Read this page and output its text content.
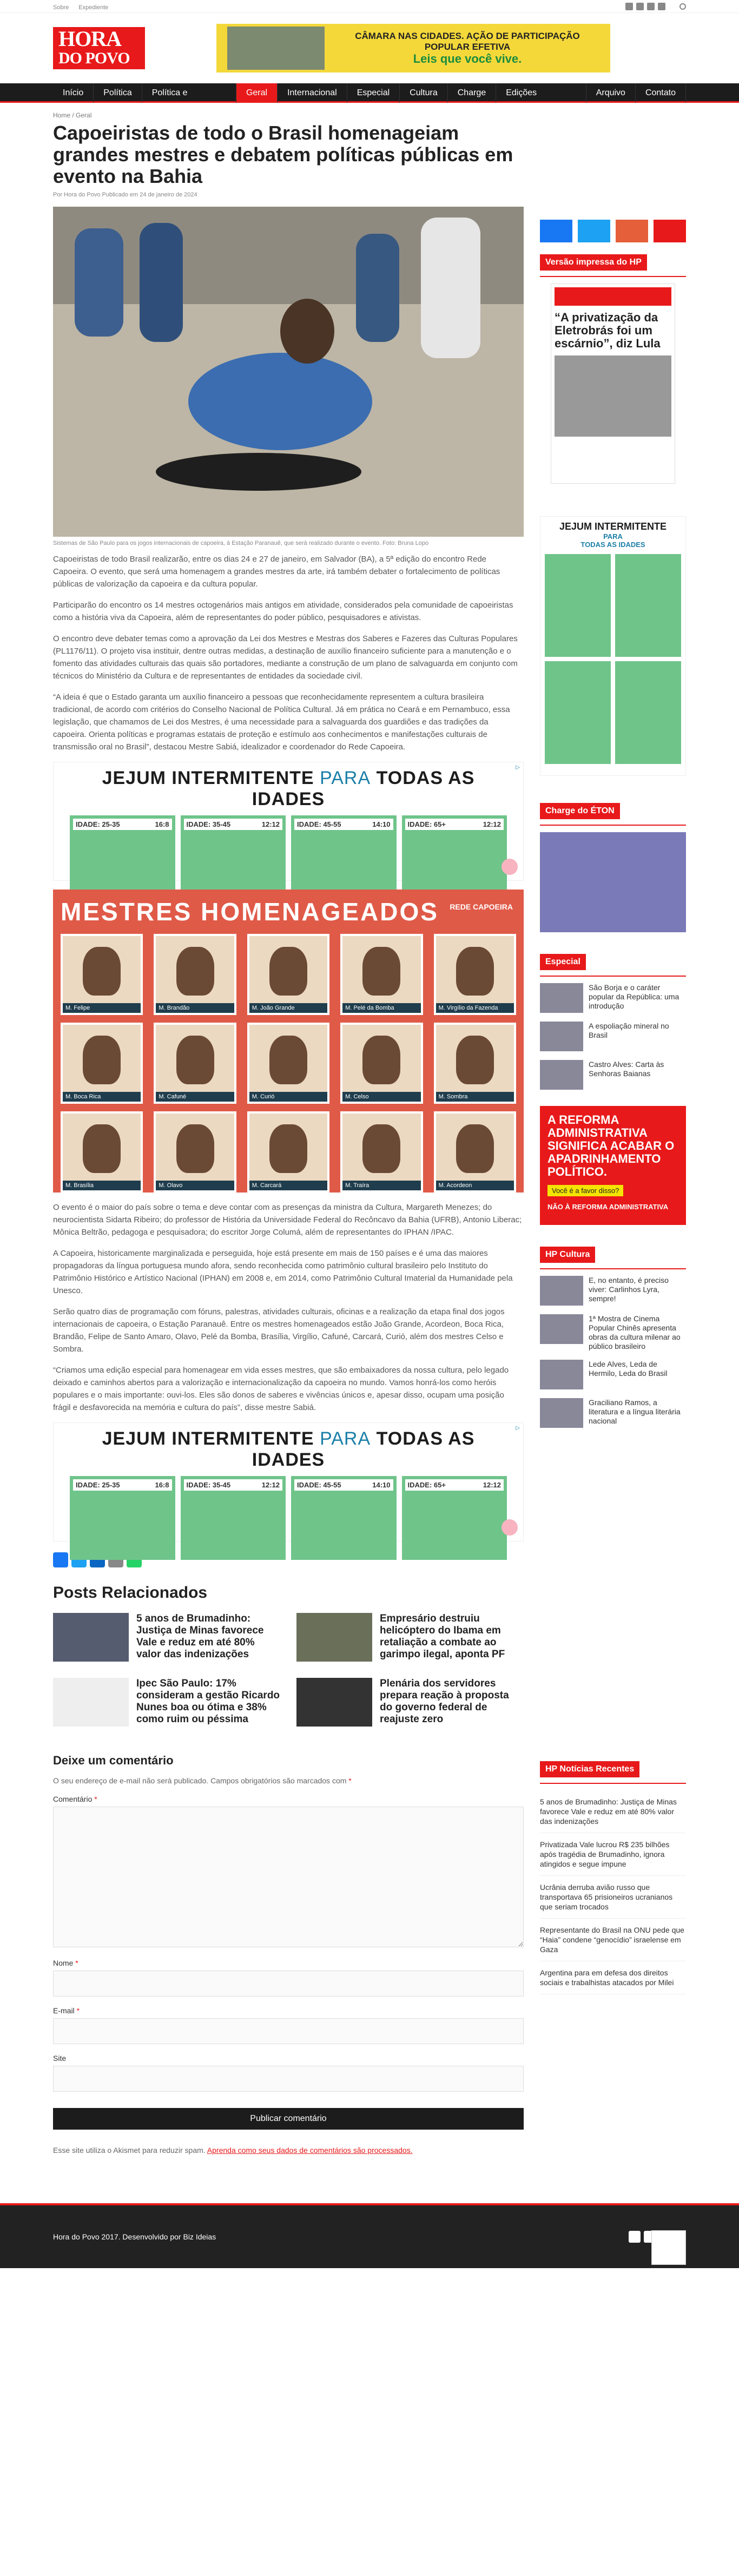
Sobre Expediente
HORA
DO POVO
CÂMARA NAS CIDADES. AÇÃO DE PARTICIPAÇÃO POPULAR EFETIVA
Leis que você vive.
Início	Política	Política e Economia
Geral	Internacional	Especial	Cultura	Charge	Edições Anteriores
Arquivo	Contato
Home / Geral
Capoeiristas de todo o Brasil homenageiam grandes mestres e debatem políticas públicas em evento na Bahia
Por Hora do Povo Publicado em 24 de janeiro de 2024
Sistemas de São Paulo para os jogos internacionais de capoeira, à Estação Paranauê, que será realizado durante o evento. Foto: Bruna Lopo

Capoeiristas de todo Brasil realizarão, entre os dias 24 e 27 de janeiro, em Salvador (BA), a 5ª edição do encontro Rede Capoeira. O evento, que será uma homenagem a grandes mestres da arte, irá também debater o fortalecimento de políticas públicas de valorização da capoeira e da cultura popular.

Participarão do encontro os 14 mestres octogenários mais antigos em atividade, considerados pela comunidade de capoeiristas como a história viva da Capoeira, além de representantes do poder público, pesquisadores e ativistas.

O encontro deve debater temas como a aprovação da Lei dos Mestres e Mestras dos Saberes e Fazeres das Culturas Populares (PL1176/11). O projeto visa instituir, dentre outras medidas, a destinação de auxílio financeiro suficiente para a manutenção e o fomento das atividades culturais das quais são portadores, mediante a construção de um plano de salvaguarda em conjunto com técnicos do Ministério da Cultura e de representantes de entidades da sociedade civil.

“A ideia é que o Estado garanta um auxílio financeiro a pessoas que reconhecidamente representem a cultura brasileira tradicional, de acordo com critérios do Conselho Nacional de Política Cultural. Já em prática no Ceará e em Pernambuco, essa legislação, que chamamos de Lei dos Mestres, é uma necessidade para a salvaguarda dos guardiões e das tradições da capoeira. Orienta políticas e programas estatais de proteção e estímulo aos conhecimentos e manifestações culturais de transmissão oral no Brasil”, destacou Mestre Sabiá, idealizador e coordenador do Rede Capoeira.

▷
JEJUM INTERMITENTE PARA TODAS AS IDADES
IDADE: 25-35	16:8 IDADE: 35-45	12:12 IDADE: 45-55	14:10 IDADE: 65+	12:12
MESTRES HOMENAGEADOS	REDE CAPOEIRA
M. Felipe	M. Brandão	M. João Grande	M. Pelé da Bomba	M. Virgílio da Fazenda
M. Boca Rica	M. Cafuné	M. Curió	M. Celso	M. Sombra
M. Brasília	M. Olavo	M. Carcará	M. Traíra	M. Acordeon

O evento é o maior do país sobre o tema e deve contar com as presenças da ministra da Cultura, Margareth Menezes; do neurocientista Sidarta Ribeiro; do professor de História da Universidade Federal do Recôncavo da Bahia (UFRB), Antonio Liberac; Mônica Beltrão, pedagoga e pesquisadora; do escritor Jorge Columá, além de representantes do IPHAN /IPAC.

A Capoeira, historicamente marginalizada e perseguida, hoje está presente em mais de 150 países e é uma das maiores propagadoras da língua portuguesa mundo afora, sendo reconhecida como patrimônio cultural brasileiro pelo Instituto do Patrimônio Histórico e Artístico Nacional (IPHAN) em 2008 e, em 2014, como Patrimônio Cultural Imaterial da Humanidade pela Unesco.

Serão quatro dias de programação com fóruns, palestras, atividades culturais, oficinas e a realização da etapa final dos jogos internacionais de capoeira, o Estação Paranauê. Entre os mestres homenageados estão João Grande, Acordeon, Boca Rica, Brandão, Felipe de Santo Amaro, Olavo, Pelé da Bomba, Brasília, Virgílio, Cafuné, Carcará, Curió, além dos mestres Celso e Sombra.

“Criamos uma edição especial para homenagear em vida esses mestres, que são embaixadores da nossa cultura, pelo legado deixado e caminhos abertos para a valorização e internacionalização da capoeira no mundo. Vamos honrá-los como heróis populares e o mais importante: ouvi-los. Eles são donos de saberes e vivências únicos e, apesar disso, ocupam uma posição frágil e desfavorecida na memória e cultura do país”, disse mestre Sabiá.

▷
JEJUM INTERMITENTE PARA TODAS AS IDADES
IDADE: 25-35	16:8 IDADE: 35-45	12:12 IDADE: 45-55	14:10 IDADE: 65+	12:12
Posts Relacionados
5 anos de Brumadinho: Justiça de Minas favorece Vale e reduz em até 80% valor das indenizações
Empresário destruiu helicóptero do Ibama em retaliação a combate ao garimpo ilegal, aponta PF
Ipec São Paulo: 17% consideram a gestão Ricardo Nunes boa ou ótima e 38% como ruim ou péssima
Plenária dos servidores prepara reação à proposta do governo federal de reajuste zero
Deixe um comentário

O seu endereço de e-mail não será publicado. Campos obrigatórios são marcados com *

Comentário *
Nome *
E-mail *
Site
Publicar comentário
Esse site utiliza o Akismet para reduzir spam. Aprenda como seus dados de comentários são processados.
Versão impressa do HP
“A privatização da Eletrobrás foi um escárnio”, diz Lula
JEJUM INTERMITENTE
PARA
TODAS AS IDADES
Charge do ÉTON
Especial
São Borja e o caráter popular da República: uma introdução
A espoliação mineral no Brasil
Castro Alves: Carta às Senhoras Baianas
A REFORMA ADMINISTRATIVA SIGNIFICA ACABAR O APADRINHAMENTO POLÍTICO.
Você é a favor disso?
NÃO À REFORMA ADMINISTRATIVA
HP Cultura
E, no entanto, é preciso viver: Carlinhos Lyra, sempre!
1ª Mostra de Cinema Popular Chinês apresenta obras da cultura milenar ao público brasileiro
Lede Alves, Leda de Hermilo, Leda do Brasil
Graciliano Ramos, a literatura e a língua literária nacional
HP Notícias Recentes
5 anos de Brumadinho: Justiça de Minas favorece Vale e reduz em até 80% valor das indenizações
Privatizada Vale lucrou R$ 235 bilhões após tragédia de Brumadinho, ignora atingidos e segue impune
Ucrânia derruba avião russo que transportava 65 prisioneiros ucranianos que seriam trocados
Representante do Brasil na ONU pede que “Haia” condene “genocídio” israelense em Gaza
Argentina para em defesa dos direitos sociais e trabalhistas atacados por Milei
Hora do Povo 2017. Desenvolvido por Biz Ideias
